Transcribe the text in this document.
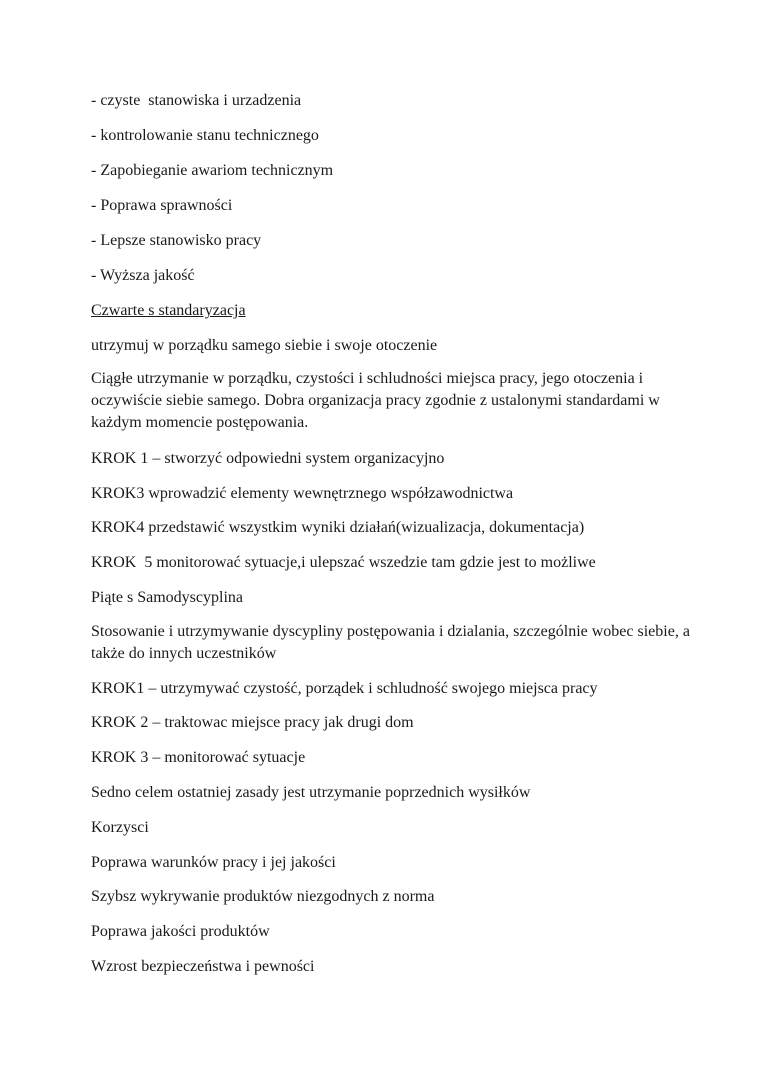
- czyste  stanowiska i urzadzenia
- kontrolowanie stanu technicznego
- Zapobieganie awariom technicznym
- Poprawa sprawności
- Lepsze stanowisko pracy
- Wyższa jakość
Czwarte s standaryzacja
utrzymuj w porządku samego siebie i swoje otoczenie
Ciągłe utrzymanie w porządku, czystości i schludności miejsca pracy, jego otoczenia i oczywiście siebie samego. Dobra organizacja pracy zgodnie z ustalonymi standardami w każdym momencie postępowania.
KROK 1 – stworzyć odpowiedni system organizacyjno
KROK3 wprowadzić elementy wewnętrznego współzawodnictwa
KROK4 przedstawić wszystkim wyniki działań(wizualizacja, dokumentacja)
KROK  5 monitorować sytuacje,i ulepszać wszedzie tam gdzie jest to możliwe
Piąte s Samodyscyplina
Stosowanie i utrzymywanie dyscypliny postępowania i dzialania, szczególnie wobec siebie, a także do innych uczestników
KROK1 – utrzymywać czystość, porządek i schludność swojego miejsca pracy
KROK 2 – traktowac miejsce pracy jak drugi dom
KROK 3 – monitorować sytuacje
Sedno celem ostatniej zasady jest utrzymanie poprzednich wysiłków
Korzysci
Poprawa warunków pracy i jej jakości
Szybsz wykrywanie produktów niezgodnych z norma
Poprawa jakości produktów
Wzrost bezpieczeństwa i pewności
